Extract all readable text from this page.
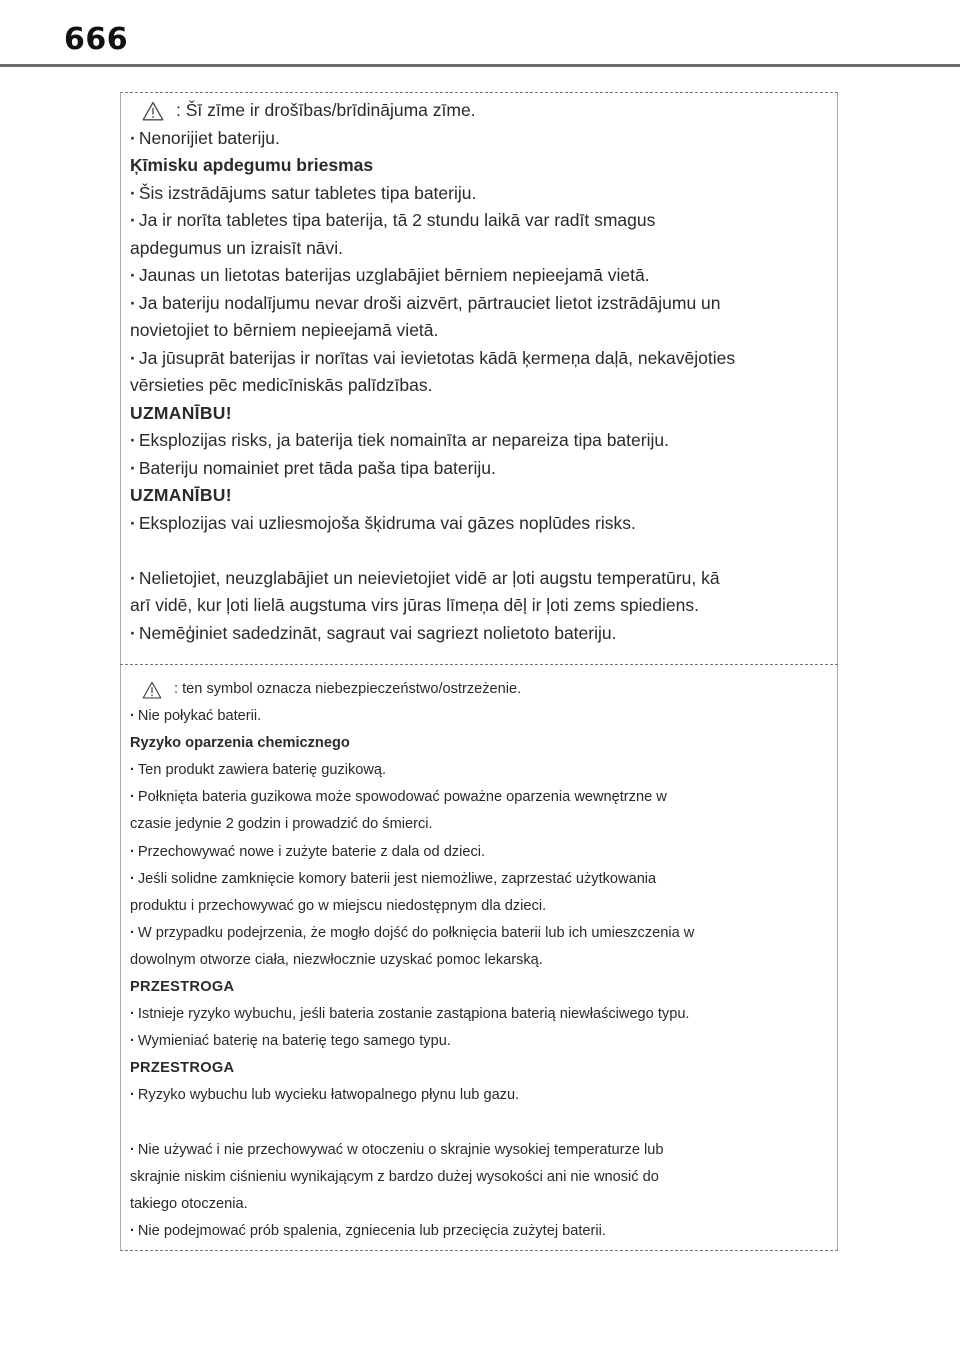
666
: Šī zīme ir drošības/brīdinājuma zīme.
· Nenorijiet bateriju.
Ķīmisku apdegumu briesmas
· Šis izstrādājums satur tabletes tipa bateriju.
· Ja ir norīta tabletes tipa baterija, tā 2 stundu laikā var radīt smagus
apdegumus un izraisīt nāvi.
· Jaunas un lietotas baterijas uzglabājiet bērniem nepieejamā vietā.
· Ja bateriju nodalījumu nevar droši aizvērt, pārtrauciet lietot izstrādājumu un
novietojiet to bērniem nepieejamā vietā.
· Ja jūsuprāt baterijas ir norītas vai ievietotas kādā ķermeņa daļā, nekavējoties
vērsieties pēc medicīniskās palīdzības.
UZMANĪBU!
· Eksplozijas risks, ja baterija tiek nomainīta ar nepareiza tipa bateriju.
· Bateriju nomainiet pret tāda paša tipa bateriju.
UZMANĪBU!
· Eksplozijas vai uzliesmojoša šķidruma vai gāzes noplūdes risks.
· Nelietojiet, neuzglabājiet un neievietojiet vidē ar ļoti augstu temperatūru, kā
arī vidē, kur ļoti lielā augstuma virs jūras līmeņa dēļ ir ļoti zems spiediens.
· Nemēģiniet sadedzināt, sagraut vai sagriezt nolietoto bateriju.
: ten symbol oznacza niebezpieczeństwo/ostrzeżenie.
· Nie połykać baterii.
Ryzyko oparzenia chemicznego
· Ten produkt zawiera baterię guzikową.
· Połknięta bateria guzikowa może spowodować poważne oparzenia wewnętrzne w
czasie jedynie 2 godzin i prowadzić do śmierci.
· Przechowywać nowe i zużyte baterie z dala od dzieci.
· Jeśli solidne zamknięcie komory baterii jest niemożliwe, zaprzestać użytkowania
produktu i przechowywać go w miejscu niedostępnym dla dzieci.
· W przypadku podejrzenia, że mogło dojść do połknięcia baterii lub ich umieszczenia w
dowolnym otworze ciała, niezwłocznie uzyskać pomoc lekarską.
PRZESTROGA
· Istnieje ryzyko wybuchu, jeśli bateria zostanie zastąpiona baterią niewłaściwego typu.
· Wymieniać baterię na baterię tego samego typu.
PRZESTROGA
· Ryzyko wybuchu lub wycieku łatwopalnego płynu lub gazu.
· Nie używać i nie przechowywać w otoczeniu o skrajnie wysokiej temperaturze lub
skrajnie niskim ciśnieniu wynikającym z bardzo dużej wysokości ani nie wnosić do
takiego otoczenia.
· Nie podejmować prób spalenia, zgniecenia lub przecięcia zużytej baterii.
